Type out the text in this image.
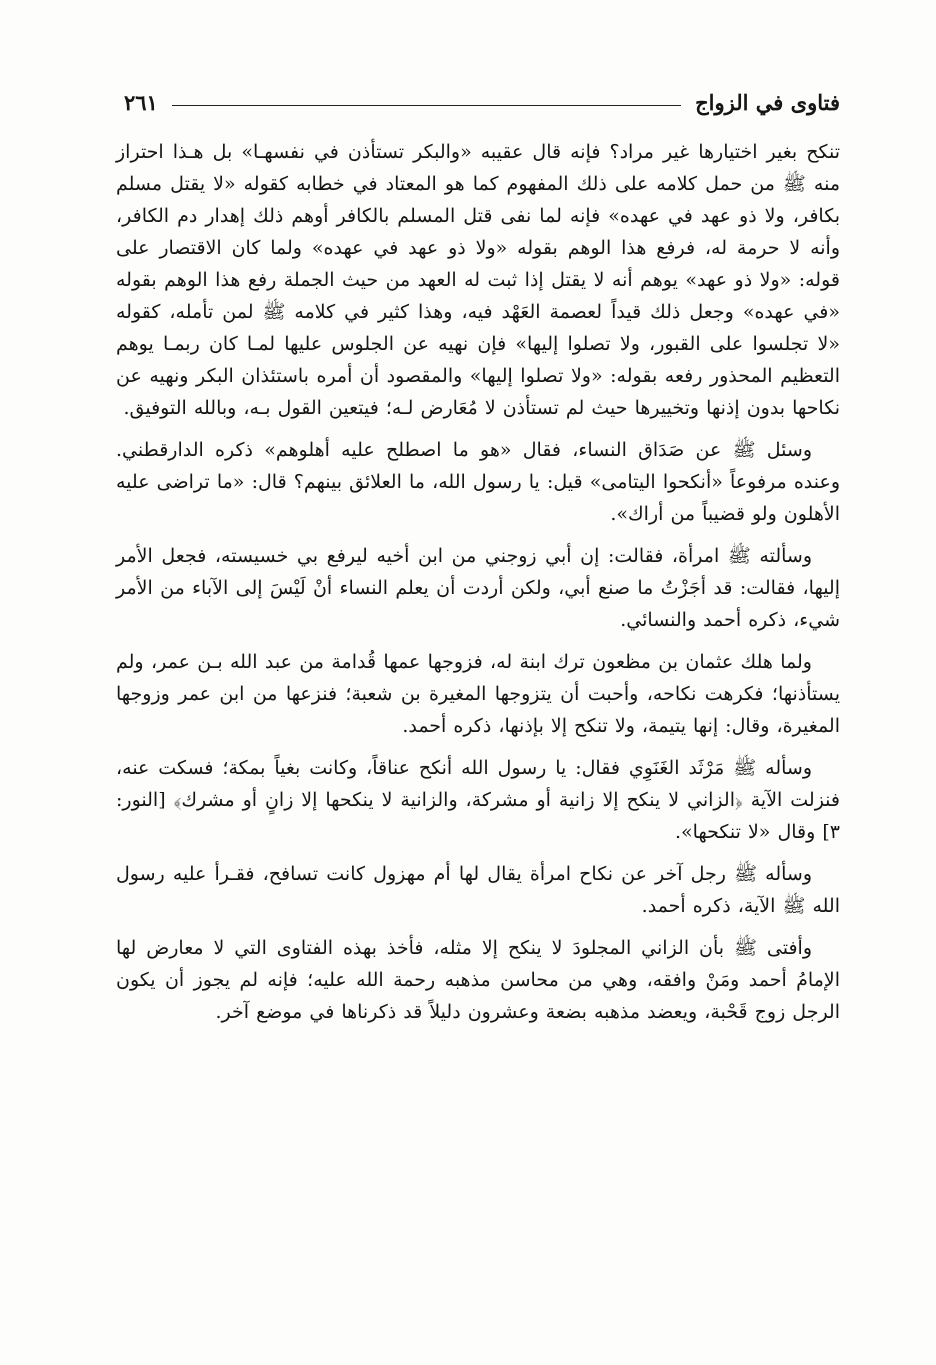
فتاوى في الزواج
٢٦١

تنكح بغير اختيارها غير مراد؟ فإنه قال عقيبه «والبكر تستأذن في نفسهـا» بل هـذا احتراز منه ﷺ من حمل كلامه على ذلك المفهوم كما هو المعتاد في خطابه كقوله «لا يقتل مسلم بكافر، ولا ذو عهد في عهده» فإنه لما نفى قتل المسلم بالكافر أوهم ذلك إهدار دم الكافر، وأنه لا حرمة له، فرفع هذا الوهم بقوله «ولا ذو عهد في عهده» ولما كان الاقتصار على قوله: «ولا ذو عهد» يوهم أنه لا يقتل إذا ثبت له العهد من حيث الجملة رفع هذا الوهم بقوله «في عهده» وجعل ذلك قيداً لعصمة العَهْد فيه، وهذا كثير في كلامه ﷺ لمن تأمله، كقوله «لا تجلسوا على القبور، ولا تصلوا إليها» فإن نهيه عن الجلوس عليها لمـا كان ربمـا يوهم التعظيم المحذور رفعه بقوله: «ولا تصلوا إليها» والمقصود أن أمره باستئذان البكر ونهيه عن نكاحها بدون إذنها وتخييرها حيث لم تستأذن لا مُعَارض لـه؛ فيتعين القول بـه، وبالله التوفيق.

وسئل ﷺ عن صَدَاق النساء، فقال «هو ما اصطلح عليه أهلوهم» ذكره الدارقطني. وعنده مرفوعاً «أنكحوا اليتامى» قيل: يا رسول الله، ما العلائق بينهم؟ قال: «ما تراضى عليه الأهلون ولو قضيباً من أراك».

وسألته ﷺ امرأة، فقالت: إن أبي زوجني من ابن أخيه ليرفع بي خسيسته، فجعل الأمر إليها، فقالت: قد أجَزْتُ ما صنع أبي، ولكن أردت أن يعلم النساء أنْ لَيْسَ إلى الآباء من الأمر شيء، ذكره أحمد والنسائي.

ولما هلك عثمان بن مظعون ترك ابنة له، فزوجها عمها قُدامة من عبد الله بـن عمر، ولم يستأذنها؛ فكرهت نكاحه، وأحبت أن يتزوجها المغيرة بن شعبة؛ فنزعها من ابن عمر وزوجها المغيرة، وقال: إنها يتيمة، ولا تنكح إلا بإذنها، ذكره أحمد.

وسأله ﷺ مَرْثَد الغَنَوِي فقال: يا رسول الله أنكح عناقاً، وكانت بغياً بمكة؛ فسكت عنه، فنزلت الآية ﴿الزاني لا ينكح إلا زانية أو مشركة، والزانية لا ينكحها إلا زانٍ أو مشرك﴾ [النور: ٣] وقال «لا تنكحها».

وسأله ﷺ رجل آخر عن نكاح امرأة يقال لها أم مهزول كانت تسافح، فقـرأ عليه رسول الله ﷺ الآية، ذكره أحمد.

وأفتى ﷺ بأن الزاني المجلودَ لا ينكح إلا مثله، فأخذ بهذه الفتاوى التي لا معارض لها الإمامُ أحمد ومَنْ وافقه، وهي من محاسن مذهبه رحمة الله عليه؛ فإنه لم يجوز أن يكون الرجل زوج قَحْبة، ويعضد مذهبه بضعة وعشرون دليلاً قد ذكرناها في موضع آخر.
